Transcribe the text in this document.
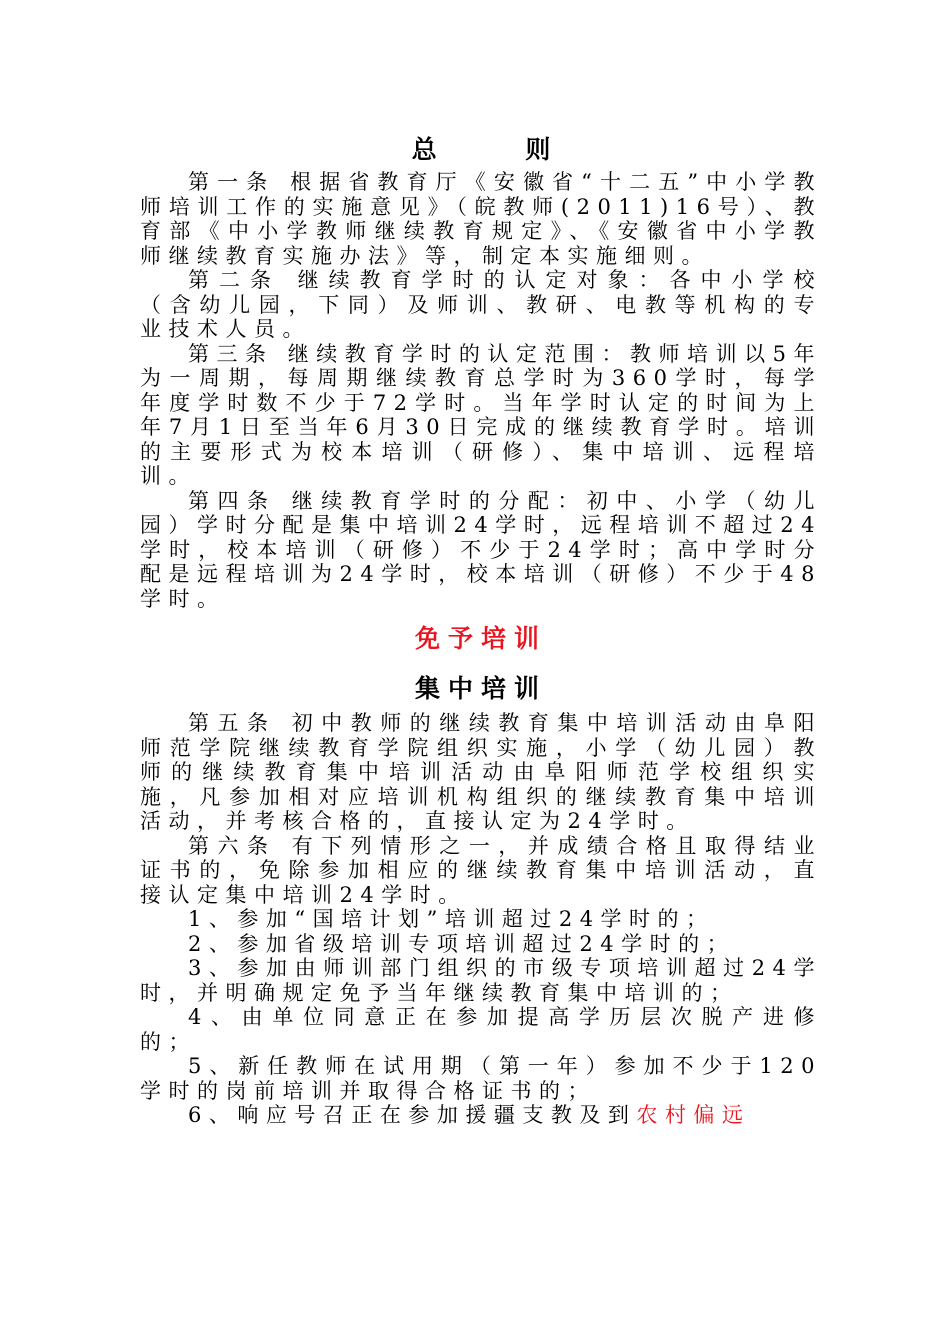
总 则

第一条 根据省教育厅《安徽省“十二五”中小学教师培训工作的实施意见》（皖教师(2011)16号）、教育部《中小学教师继续教育规定》、《安徽省中小学教师继续教育实施办法》等，制定本实施细则。

第二条 继续教育学时的认定对象：各中小学校（含幼儿园，下同）及师训、教研、电教等机构的专业技术人员。

第三条 继续教育学时的认定范围：教师培训以5年为一周期，每周期继续教育总学时为360学时，每学年度学时数不少于72学时。当年学时认定的时间为上年7月1日至当年6月30日完成的继续教育学时。培训的主要形式为校本培训（研修）、集中培训、远程培训。

第四条 继续教育学时的分配：初中、小学（幼儿园）学时分配是集中培训24学时，远程培训不超过24学时，校本培训（研修）不少于24学时；高中学时分配是远程培训为24学时，校本培训（研修）不少于48学时。

免予培训
集中培训

第五条 初中教师的继续教育集中培训活动由阜阳师范学院继续教育学院组织实施，小学（幼儿园）教师的继续教育集中培训活动由阜阳师范学校组织实施，凡参加相对应培训机构组织的继续教育集中培训活动，并考核合格的，直接认定为24学时。

第六条 有下列情形之一，并成绩合格且取得结业证书的，免除参加相应的继续教育集中培训活动，直接认定集中培训24学时。

1、参加“国培计划”培训超过24学时的；

2、参加省级培训专项培训超过24学时的；

3、参加由师训部门组织的市级专项培训超过24学时，并明确规定免予当年继续教育集中培训的；

4、由单位同意正在参加提高学历层次脱产进修的；

5、新任教师在试用期（第一年）参加不少于120学时的岗前培训并取得合格证书的；

6、响应号召正在参加援疆支教及到农村偏远
